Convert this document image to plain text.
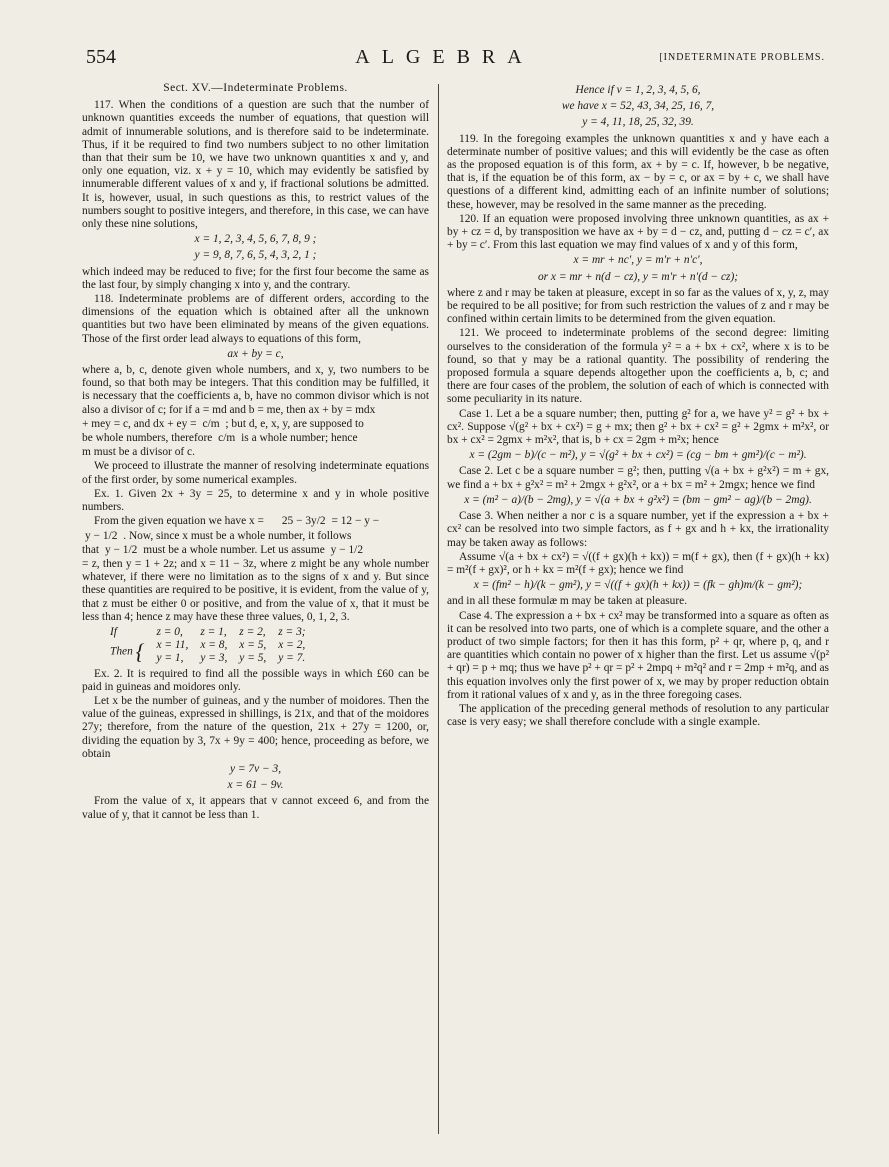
554	ALGEBRA	[INDETERMINATE PROBLEMS.
Sect. XV.—Indeterminate Problems.

117. When the conditions of a question are such that the number of unknown quantities exceeds the number of equations, that question will admit of innumerable solutions, and is therefore said to be indeterminate. Thus, if it be required to find two numbers subject to no other limitation than that their sum be 10, we have two unknown quantities x and y, and only one equation, viz. x + y = 10, which may evidently be satisfied by innumerable different values of x and y, if fractional solutions be admitted. It is, however, usual, in such questions as this, to restrict values of the numbers sought to positive integers, and therefore, in this case, we can have only these nine solutions,

x = 1, 2, 3, 4, 5, 6, 7, 8, 9 ;
y = 9, 8, 7, 6, 5, 4, 3, 2, 1 ;

which indeed may be reduced to five; for the first four become the same as the last four, by simply changing x into y, and the contrary.

118. Indeterminate problems are of different orders, according to the dimensions of the equation which is obtained after all the unknown quantities but two have been eliminated by means of the given equations. Those of the first order lead always to equations of this form,

ax + by = c,

where a, b, c, denote given whole numbers, and x, y, two numbers to be found, so that both may be integers. That this condition may be fulfilled, it is necessary that the coefficients a, b, have no common divisor which is not also a divisor of c; for if a = md and b = me, then ax + by = mdx

+ mey = c, and dx + ey = c/m ; but d, e, x, y, are supposed to

be whole numbers, therefore c/m is a whole number; hence

m must be a divisor of c.

We proceed to illustrate the manner of resolving indeterminate equations of the first order, by some numerical examples.

Ex. 1. Given 2x + 3y = 25, to determine x and y in whole positive numbers.

From the given equation we have x = 25 − 3y/2 = 12 − y −

y − 1/2 . Now, since x must be a whole number, it follows

that y − 1/2 must be a whole number. Let us assume y − 1/2

= z, then y = 1 + 2z; and x = 11 − 3z, where z might be any whole number whatever, if there were no limitation as to the signs of x and y. But since these quantities are required to be positive, it is evident, from the value of y, that z must be either 0 or positive, and from the value of x, that it must be less than 4; hence z may have these three values, 0, 1, 2, 3.

If	z = 0,	z = 1,	z = 2,	z = 3;
Then {	x = 11,	x = 8,	x = 5,	x = 2,
	y = 1,	y = 3,	y = 5,	y = 7.

Ex. 2. It is required to find all the possible ways in which £60 can be paid in guineas and moidores only.

Let x be the number of guineas, and y the number of moidores. Then the value of the guineas, expressed in shillings, is 21x, and that of the moidores 27y; therefore, from the nature of the question, 21x + 27y = 1200, or, dividing the equation by 3, 7x + 9y = 400; hence, proceeding as before, we obtain

y = 7v − 3,
x = 61 − 9v.

From the value of x, it appears that v cannot exceed 6, and from the value of y, that it cannot be less than 1.

Hence if v = 1, 2, 3, 4, 5, 6,
we have x = 52, 43, 34, 25, 16, 7,
y = 4, 11, 18, 25, 32, 39.

119. In the foregoing examples the unknown quantities x and y have each a determinate number of positive values; and this will evidently be the case as often as the proposed equation is of this form, ax + by = c. If, however, b be negative, that is, if the equation be of this form, ax − by = c, or ax = by + c, we shall have questions of a different kind, admitting each of an infinite number of solutions; these, however, may be resolved in the same manner as the preceding.

120. If an equation were proposed involving three unknown quantities, as ax + by + cz = d, by transposition we have ax + by = d − cz, and, putting d − cz = c′, ax + by = c′. From this last equation we may find values of x and y of this form,

x = mr + nc′, y = m′r + n′c′,
or x = mr + n(d − cz), y = m′r + n′(d − cz);

where z and r may be taken at pleasure, except in so far as the values of x, y, z, may be required to be all positive; for from such restriction the values of z and r may be confined within certain limits to be determined from the given equation.

121. We proceed to indeterminate problems of the second degree: limiting ourselves to the consideration of the formula y² = a + bx + cx², where x is to be found, so that y may be a rational quantity. The possibility of rendering the proposed formula a square depends altogether upon the coefficients a, b, c; and there are four cases of the problem, the solution of each of which is connected with some peculiarity in its nature.

Case 1. Let a be a square number; then, putting g² for a, we have y² = g² + bx + cx². Suppose √(g² + bx + cx²) = g + mx; then g² + bx + cx² = g² + 2gmx + m²x², or bx + cx² = 2gmx + m²x², that is, b + cx = 2gm + m²x; hence

x = (2gm − b)/(c − m²), y = √(g² + bx + cx²) = (cg − bm + gm²)/(c − m²).

Case 2. Let c be a square number = g²; then, putting √(a + bx + g²x²) = m + gx, we find a + bx + g²x² = m² + 2mgx + g²x², or a + bx = m² + 2mgx; hence we find

x = (m² − a)/(b − 2mg), y = √(a + bx + g²x²) = (bm − gm² − ag)/(b − 2mg).

Case 3. When neither a nor c is a square number, yet if the expression a + bx + cx² can be resolved into two simple factors, as f + gx and h + kx, the irrationality may be taken away as follows:

Assume √(a + bx + cx²) = √((f + gx)(h + kx)) = m(f + gx), then (f + gx)(h + kx) = m²(f + gx)², or h + kx = m²(f + gx); hence we find

x = (fm² − h)/(k − gm²), y = √((f + gx)(h + kx)) = (fk − gh)m/(k − gm²);

and in all these formulæ m may be taken at pleasure.

Case 4. The expression a + bx + cx² may be transformed into a square as often as it can be resolved into two parts, one of which is a complete square, and the other a product of two simple factors; for then it has this form, p² + qr, where p, q, and r are quantities which contain no power of x higher than the first. Let us assume √(p² + qr) = p + mq; thus we have p² + qr = p² + 2mpq + m²q² and r = 2mp + m²q, and as this equation involves only the first power of x, we may by proper reduction obtain from it rational values of x and y, as in the three foregoing cases.

The application of the preceding general methods of resolution to any particular case is very easy; we shall therefore conclude with a single example.
